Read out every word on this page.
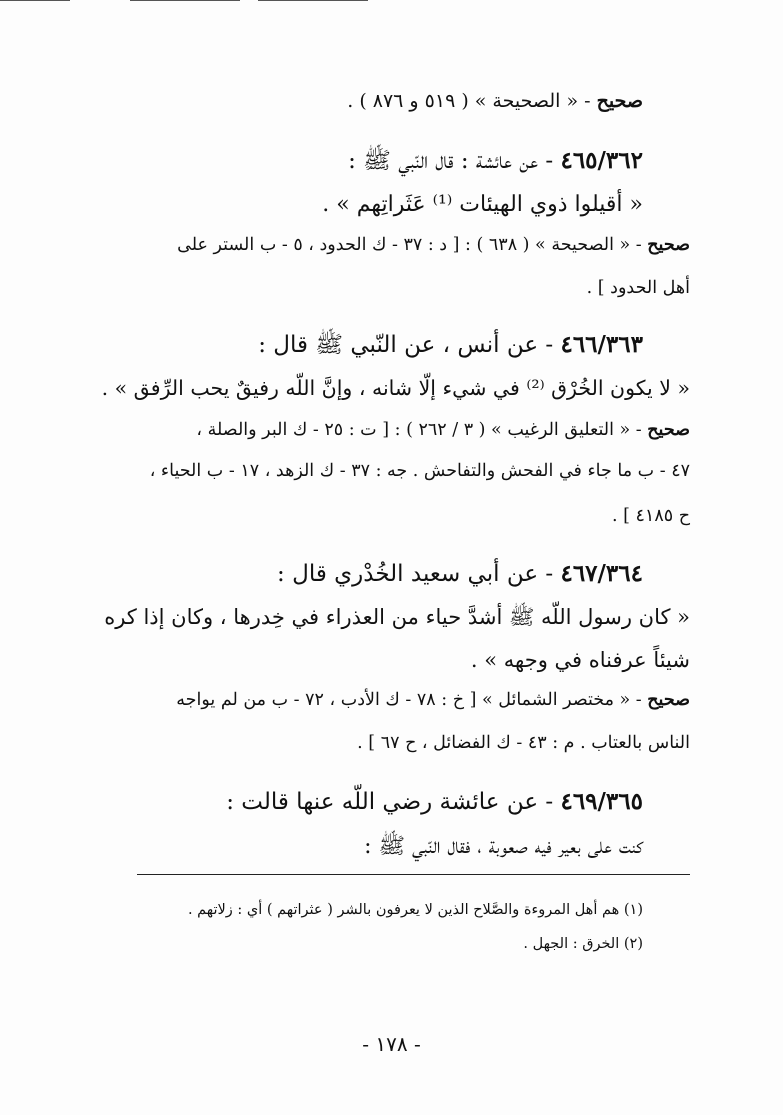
صحيح - « الصحيحة » ( ٥١٩ و ٨٧٦ ) .
٤٦٥/٣٦٢ - عن عائشة : قال النّبي ﷺ :
« أقيلوا ذوي الهيئات ⁽¹⁾ عَثَراتِهم » .
صحيح - « الصحيحة » ( ٦٣٨ ) : [ د : ٣٧ - ك الحدود ، ٥ - ب الستر على
أهل الحدود ] .
٤٦٦/٣٦٣ - عن أنس ، عن النّبي ﷺ قال :
« لا يكون الخُرْق ⁽²⁾ في شيء إلّا شانه ، وإنَّ اللّه رفيقٌ يحب الرِّفق » .
صحيح - « التعليق الرغيب » ( ٣ / ٢٦٢ ) : [ ت : ٢٥ - ك البر والصلة ،
٤٧ - ب ما جاء في الفحش والتفاحش . جه : ٣٧ - ك الزهد ، ١٧ - ب الحياء ،
ح ٤١٨٥ ] .
٤٦٧/٣٦٤ - عن أبي سعيد الخُدْري قال :
« كان رسول اللّه ﷺ أشدَّ حياء من العذراء في خِدرها ، وكان إذا كره
شيئاً عرفناه في وجهه » .
صحيح - « مختصر الشمائل » [ خ : ٧٨ - ك الأدب ، ٧٢ - ب من لم يواجه
الناس بالعتاب . م : ٤٣ - ك الفضائل ، ح ٦٧ ] .
٤٦٩/٣٦٥ - عن عائشة رضي اللّه عنها قالت :
كنت على بعير فيه صعوبة ، فقال النّبي ﷺ :
(١) هم أهل المروءة والصَّلاح الذين لا يعرفون بالشر ( عثراتهم ) أي : زلاتهم .
(٢) الخرق : الجهل .
- ١٧٨ -
